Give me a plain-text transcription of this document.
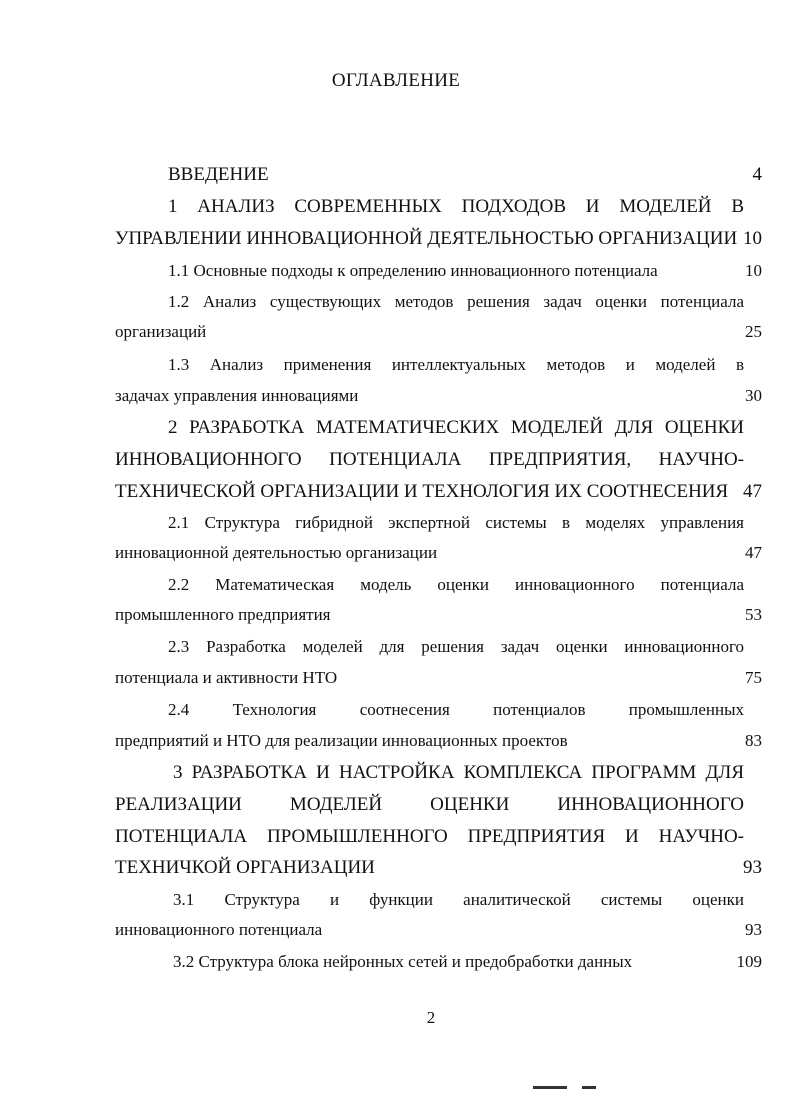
ОГЛАВЛЕНИЕ
ВВЕДЕНИЕ	4
1 АНАЛИЗ СОВРЕМЕННЫХ ПОДХОДОВ И МОДЕЛЕЙ В
УПРАВЛЕНИИ ИННОВАЦИОННОЙ ДЕЯТЕЛЬНОСТЬЮ ОРГАНИЗАЦИИ 10
1.1 Основные подходы к определению инновационного потенциала	10
1.2 Анализ существующих методов решения задач оценки потенциала
организаций	25
1.3 Анализ применения интеллектуальных методов и моделей в
задачах управления инновациями	30
2 РАЗРАБОТКА МАТЕМАТИЧЕСКИХ МОДЕЛЕЙ ДЛЯ ОЦЕНКИ
ИННОВАЦИОННОГО ПОТЕНЦИАЛА ПРЕДПРИЯТИЯ, НАУЧНО-
ТЕХНИЧЕСКОЙ ОРГАНИЗАЦИИ И ТЕХНОЛОГИЯ ИХ СООТНЕСЕНИЯ 47
2.1 Структура гибридной экспертной системы в моделях управления
инновационной деятельностью организации	47
2.2 Математическая модель оценки инновационного потенциала
промышленного предприятия	53
2.3 Разработка моделей для решения задач оценки инновационного
потенциала и активности НТО	75
2.4 Технология соотнесения потенциалов промышленных
предприятий и НТО для реализации инновационных проектов	83
3 РАЗРАБОТКА И НАСТРОЙКА КОМПЛЕКСА ПРОГРАММ ДЛЯ
РЕАЛИЗАЦИИ МОДЕЛЕЙ ОЦЕНКИ ИННОВАЦИОННОГО
ПОТЕНЦИАЛА ПРОМЫШЛЕННОГО ПРЕДПРИЯТИЯ И НАУЧНО-
ТЕХНИЧКОЙ ОРГАНИЗАЦИИ	93
3.1 Структура и функции аналитической системы оценки
инновационного потенциала	93
3.2 Структура блока нейронных сетей и предобработки данных	109
2
